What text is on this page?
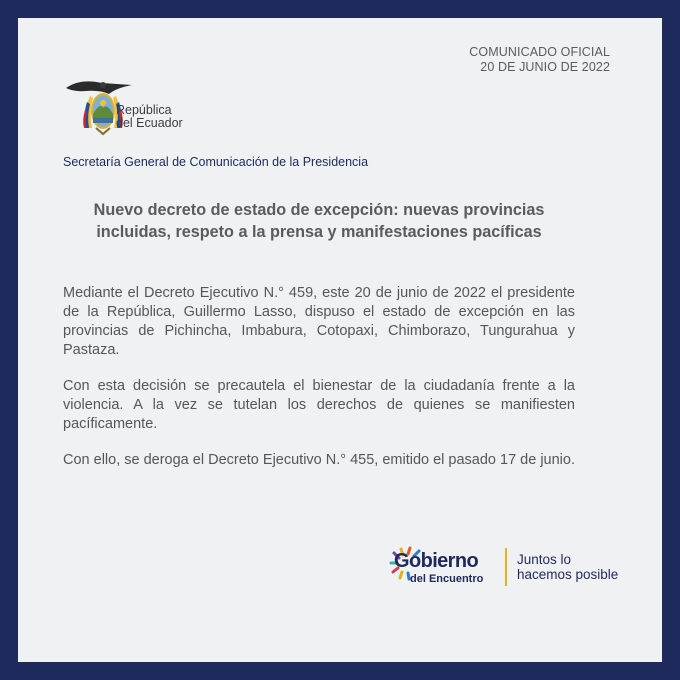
COMUNICADO OFICIAL
20 DE JUNIO DE 2022
República
del Ecuador
Secretaría General de Comunicación de la Presidencia
Nuevo decreto de estado de excepción: nuevas provincias incluidas, respeto a la prensa y manifestaciones pacíficas

Mediante el Decreto Ejecutivo N.° 459, este 20 de junio de 2022 el presidente de la República, Guillermo Lasso, dispuso el estado de excepción en las provincias de Pichincha, Imbabura, Cotopaxi, Chimborazo, Tungurahua y Pastaza.

Con esta decisión se precautela el bienestar de la ciudadanía frente a la violencia. A la vez se tutelan los derechos de quienes se manifiesten pacíficamente.

Con ello, se deroga el Decreto Ejecutivo N.° 455, emitido el pasado 17 de junio.

Gobierno
del Encuentro
Juntos lo
hacemos posible
